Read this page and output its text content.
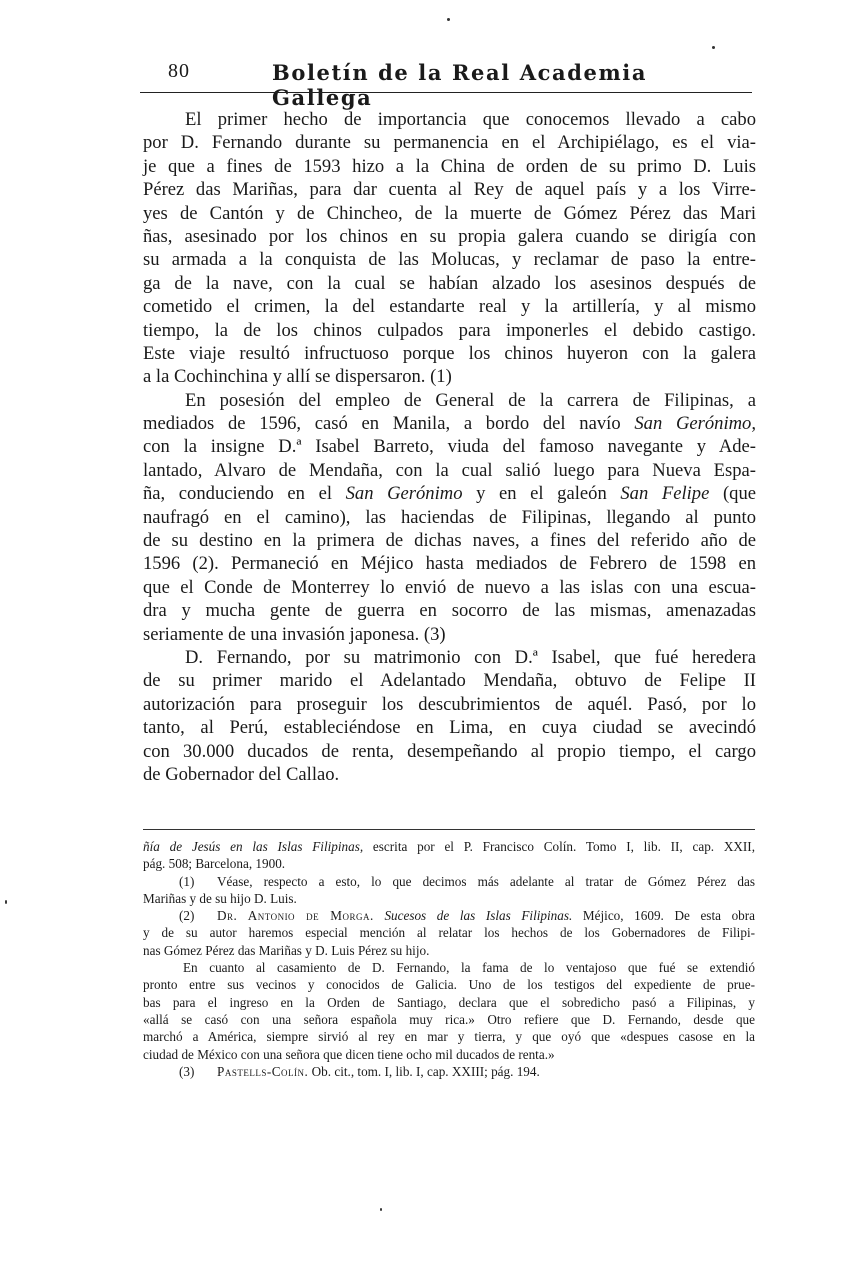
80	Boletín de la Real Academia Gallega
El primer hecho de importancia que conocemos llevado a cabo
por D. Fernando durante su permanencia en el Archipiélago, es el via-
je que a fines de 1593 hizo a la China de orden de su primo D. Luis
Pérez das Mariñas, para dar cuenta al Rey de aquel país y a los Virre-
yes de Cantón y de Chincheo, de la muerte de Gómez Pérez das Mari
ñas, asesinado por los chinos en su propia galera cuando se dirigía con
su armada a la conquista de las Molucas, y reclamar de paso la entre-
ga de la nave, con la cual se habían alzado los asesinos después de
cometido el crimen, la del estandarte real y la artillería, y al mismo
tiempo, la de los chinos culpados para imponerles el debido castigo.
Este viaje resultó infructuoso porque los chinos huyeron con la galera
a la Cochinchina y allí se dispersaron. (1)
En posesión del empleo de General de la carrera de Filipinas, a
mediados de 1596, casó en Manila, a bordo del navío San Gerónimo,
con la insigne D.ª Isabel Barreto, viuda del famoso navegante y Ade-
lantado, Alvaro de Mendaña, con la cual salió luego para Nueva Espa-
ña, conduciendo en el San Gerónimo y en el galeón San Felipe (que
naufragó en el camino), las haciendas de Filipinas, llegando al punto
de su destino en la primera de dichas naves, a fines del referido año de
1596 (2). Permaneció en Méjico hasta mediados de Febrero de 1598 en
que el Conde de Monterrey lo envió de nuevo a las islas con una escua-
dra y mucha gente de guerra en socorro de las mismas, amenazadas
seriamente de una invasión japonesa. (3)
D. Fernando, por su matrimonio con D.ª Isabel, que fué heredera
de su primer marido el Adelantado Mendaña, obtuvo de Felipe II
autorización para proseguir los descubrimientos de aquél. Pasó, por lo
tanto, al Perú, estableciéndose en Lima, en cuya ciudad se avecindó
con 30.000 ducados de renta, desempeñando al propio tiempo, el cargo
de Gobernador del Callao.
ñía de Jesús en las Islas Filipinas, escrita por el P. Francisco Colín. Tomo I, lib. II, cap. XXII,
pág. 508; Barcelona, 1900.
(1) Véase, respecto a esto, lo que decimos más adelante al tratar de Gómez Pérez das
Mariñas y de su hijo D. Luis.
(2) Dr. Antonio de Morga. Sucesos de las Islas Filipinas. Méjico, 1609. De esta obra
y de su autor haremos especial mención al relatar los hechos de los Gobernadores de Filipi-
nas Gómez Pérez das Mariñas y D. Luis Pérez su hijo.
En cuanto al casamiento de D. Fernando, la fama de lo ventajoso que fué se extendió
pronto entre sus vecinos y conocidos de Galicia. Uno de los testigos del expediente de prue-
bas para el ingreso en la Orden de Santiago, declara que el sobredicho pasó a Filipinas, y
«allá se casó con una señora española muy rica.» Otro refiere que D. Fernando, desde que
marchó a América, siempre sirvió al rey en mar y tierra, y que oyó que «despues casose en la
ciudad de México con una señora que dicen tiene ocho mil ducados de renta.»
(3) Pastells-Colín. Ob. cit., tom. I, lib. I, cap. XXIII; pág. 194.
